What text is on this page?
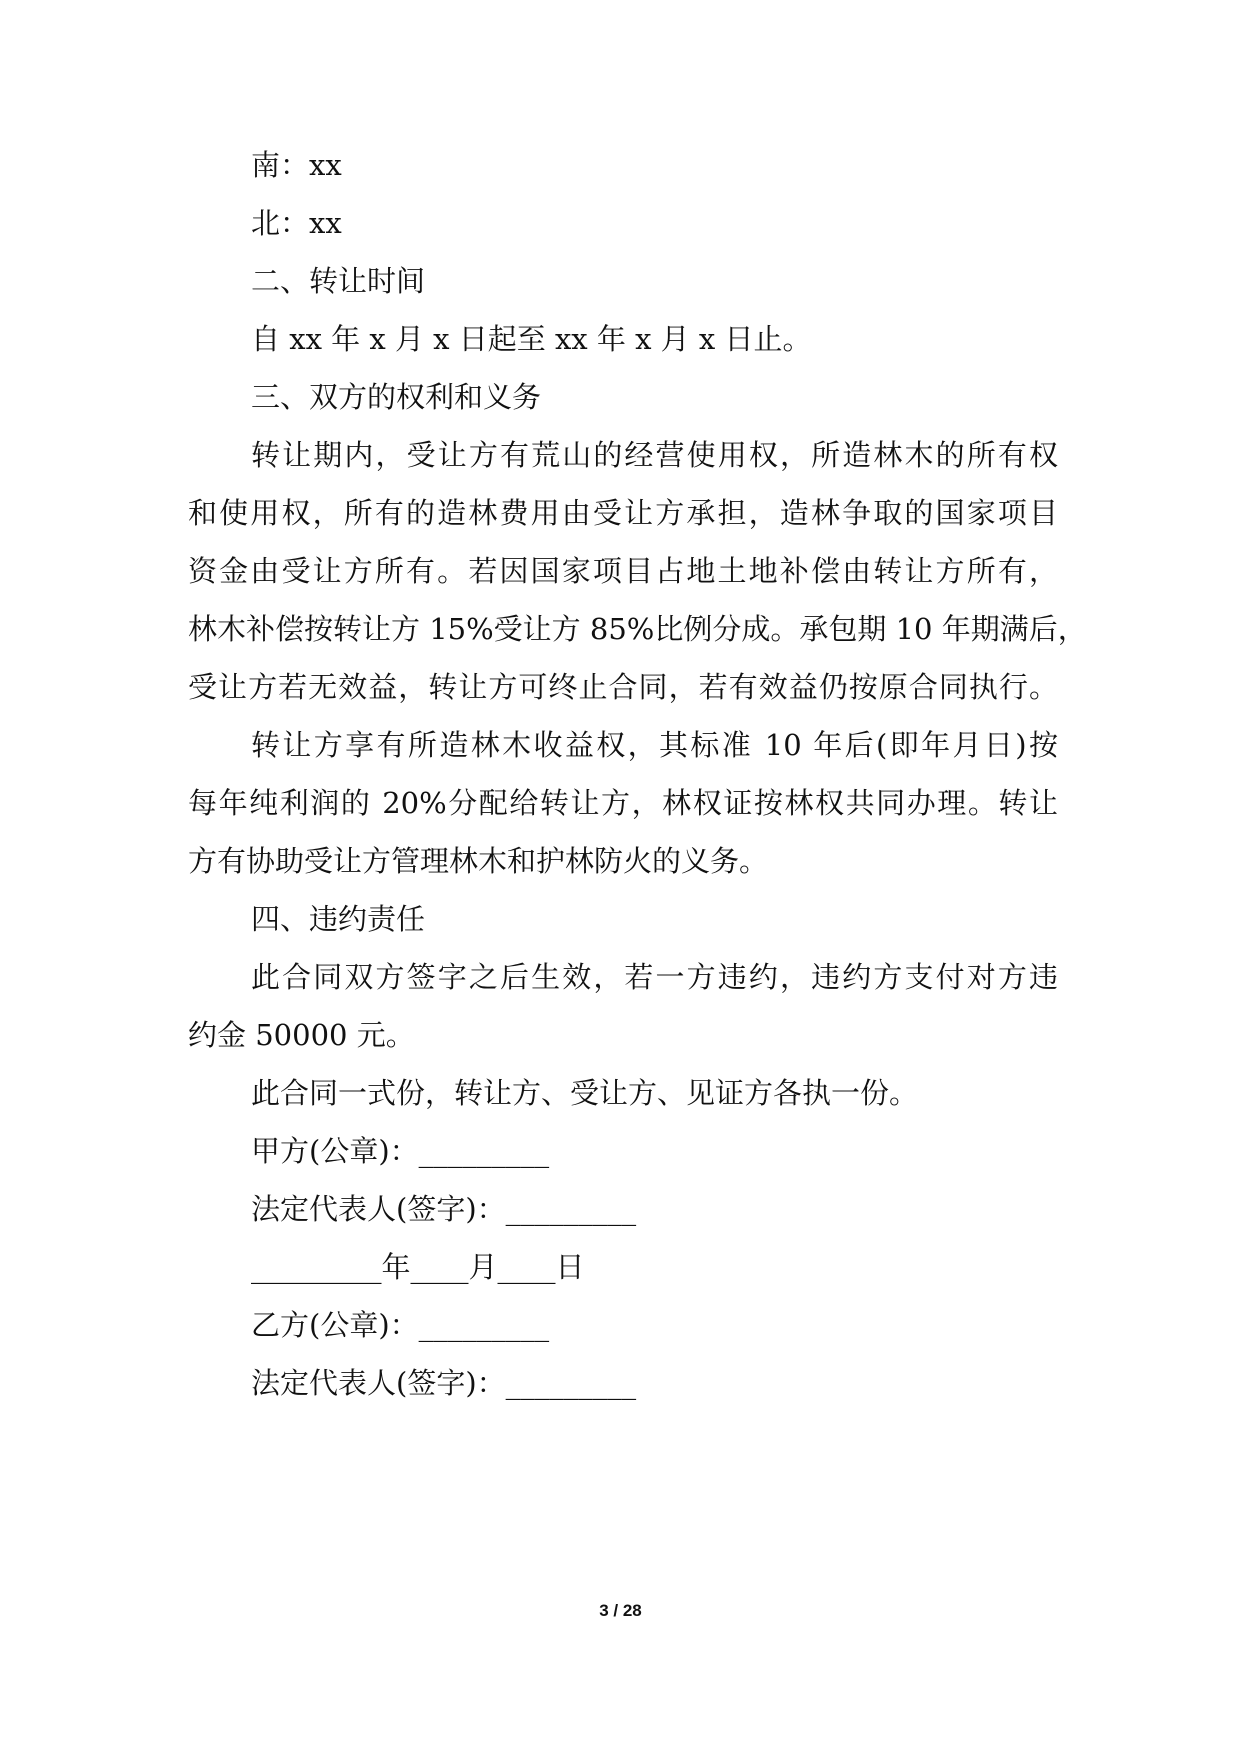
南：xx
北：xx
二、转让时间
自 xx 年 x 月 x 日起至 xx 年 x 月 x 日止。
三、双方的权利和义务
转让期内，受让方有荒山的经营使用权，所造林木的所有权
和使用权，所有的造林费用由受让方承担，造林争取的国家项目
资金由受让方所有。若因国家项目占地土地补偿由转让方所有，
林木补偿按转让方 15%受让方 85%比例分成。承包期 10 年期满后，
受让方若无效益，转让方可终止合同，若有效益仍按原合同执行。
转让方享有所造林木收益权，其标准 10 年后(即年月日)按
每年纯利润的 20%分配给转让方，林权证按林权共同办理。转让
方有协助受让方管理林木和护林防火的义务。
四、违约责任
此合同双方签字之后生效，若一方违约，违约方支付对方违
约金 50000 元。
此合同一式份，转让方、受让方、见证方各执一份。
甲方(公章)：_________
法定代表人(签字)：_________
_________年____月____日
乙方(公章)：_________
法定代表人(签字)：_________
3 / 28
